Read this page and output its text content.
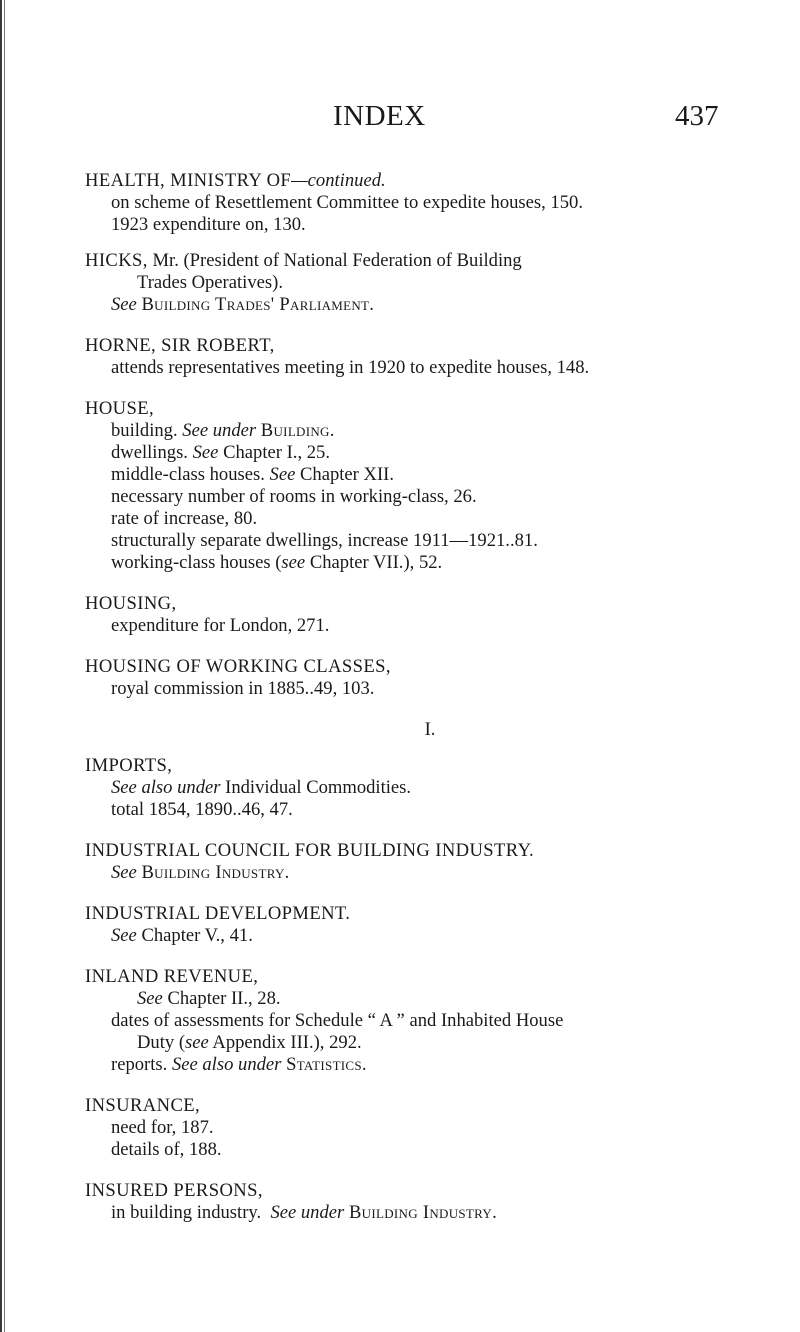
INDEX	437
HEALTH, MINISTRY OF—continued.
on scheme of Resettlement Committee to expedite houses, 150.
1923 expenditure on, 130.
HICKS, Mr. (President of National Federation of Building
Trades Operatives).
See Building Trades' Parliament.
HORNE, SIR ROBERT,
attends representatives meeting in 1920 to expedite houses, 148.
HOUSE,
building. See under Building.
dwellings. See Chapter I., 25.
middle-class houses. See Chapter XII.
necessary number of rooms in working-class, 26.
rate of increase, 80.
structurally separate dwellings, increase 1911—1921..81.
working-class houses (see Chapter VII.), 52.
HOUSING,
expenditure for London, 271.
HOUSING OF WORKING CLASSES,
royal commission in 1885..49, 103.
I.
IMPORTS,
See also under Individual Commodities.
total 1854, 1890..46, 47.
INDUSTRIAL COUNCIL FOR BUILDING INDUSTRY.
See Building Industry.
INDUSTRIAL DEVELOPMENT.
See Chapter V., 41.
INLAND REVENUE,
See Chapter II., 28.
dates of assessments for Schedule “ A ” and Inhabited House
Duty (see Appendix III.), 292.
reports. See also under Statistics.
INSURANCE,
need for, 187.
details of, 188.
INSURED PERSONS,
in building industry. See under Building Industry.
